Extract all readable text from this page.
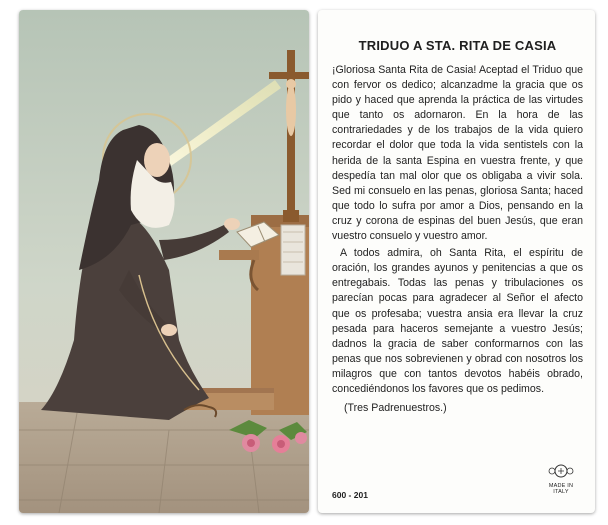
TRIDUO A STA. RITA DE CASIA

¡Gloriosa Santa Rita de Casia! Aceptad el Triduo que con fervor os dedico; alcanzadme la gracia que os pido y haced que aprenda la práctica de las virtudes que tanto os adornaron. En la hora de las contrariedades y de los trabajos de la vida quiero recordar el dolor que toda la vida sentistels con la herida de la santa Espina en vuestra frente, y que despedía tan mal olor que os obligaba a vivir sola. Sed mi consuelo en las penas, gloriosa Santa; haced que todo lo sufra por amor a Dios, pensando en la cruz y corona de espinas del buen Jesús, que eran vuestro consuelo y vuestro amor.

A todos admira, oh Santa Rita, el espíritu de oración, los grandes ayunos y penitencias a que os entregabais. Todas las penas y tribulaciones os parecían pocas para agradecer al Señor el afecto que os profesaba; vuestra ansia era llevar la cruz pesada para haceros semejante a vuestro Jesús; dadnos la gracia de saber conformarnos con las penas que nos sobrevienen y obrad con nosotros los milagros que con tantos devotos habéis obrado, concediéndonos los favores que os pedimos.

(Tres Padrenuestros.)
600 - 201
MADE IN ITALY
